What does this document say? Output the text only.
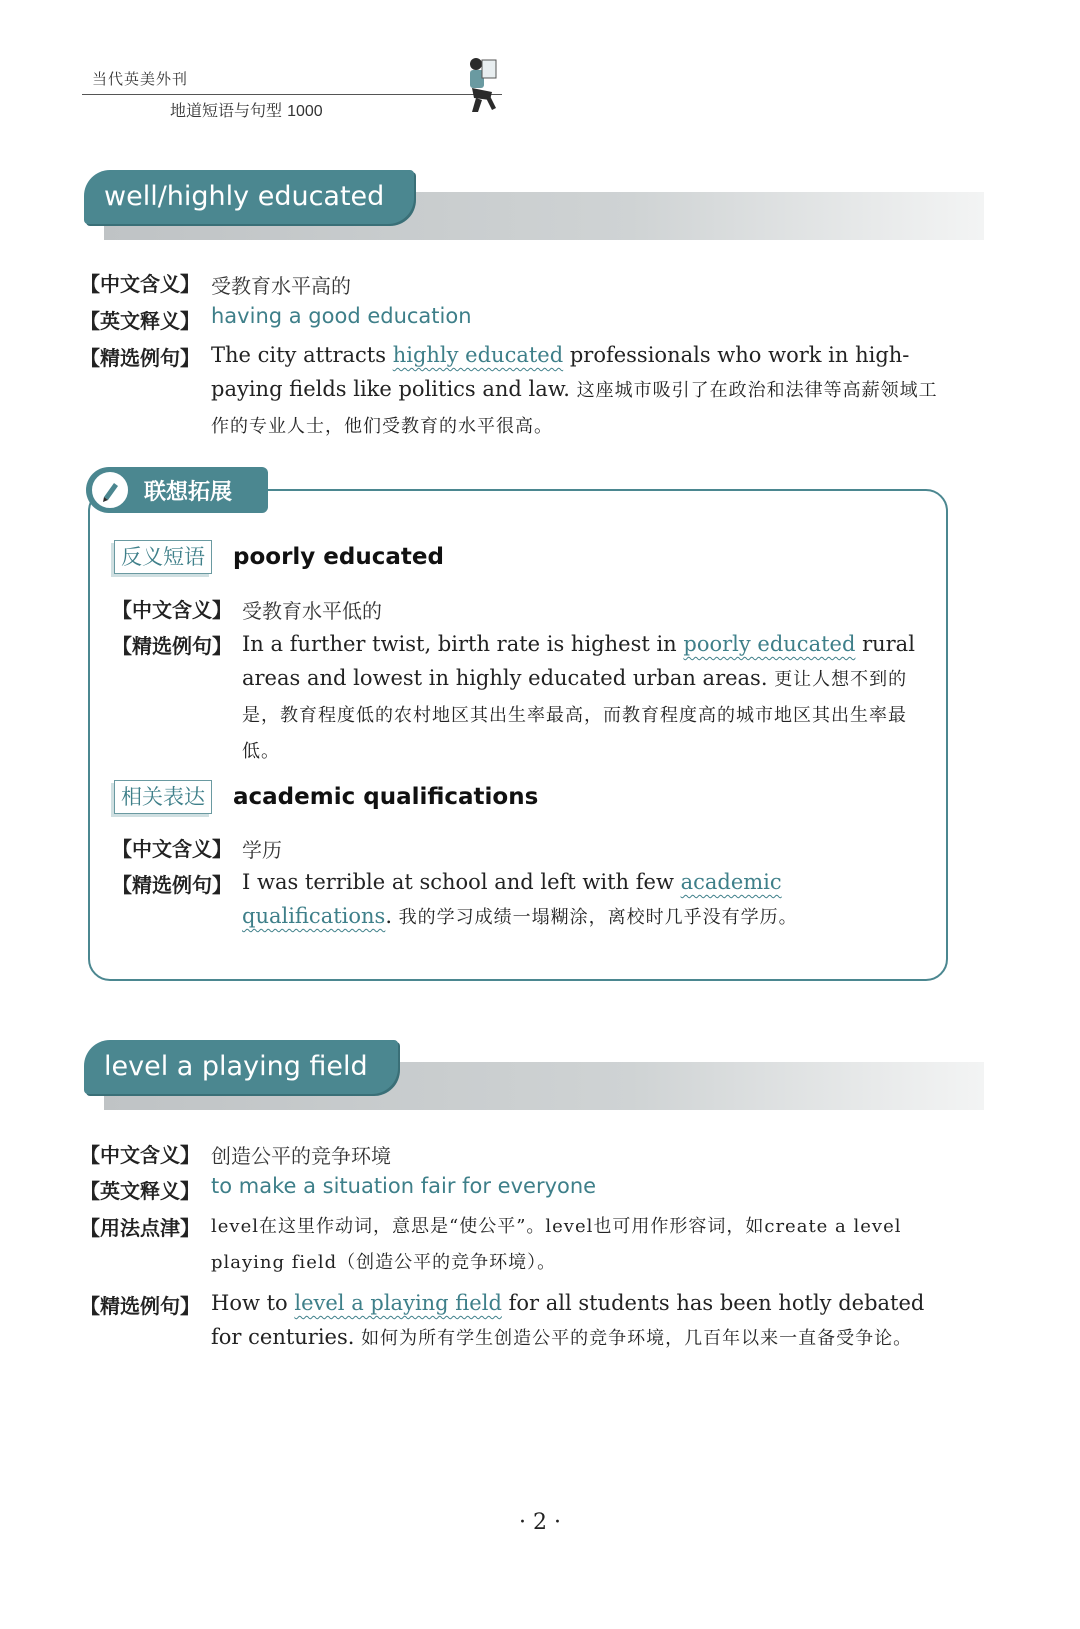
当代英美外刊
地道短语与句型 1000
well/highly educated
【中文含义】 受教育水平高的
【英文释义】 having a good education
【精选例句】 The city attracts highly educated professionals who work in high-paying fields like politics and law. 这座城市吸引了在政治和法律等高薪领域工作的专业人士，他们受教育的水平很高。
联想拓展
反义短语	poorly educated
【中文含义】 受教育水平低的
【精选例句】 In a further twist, birth rate is highest in poorly educated rural areas and lowest in highly educated urban areas. 更让人想不到的是，教育程度低的农村地区其出生率最高，而教育程度高的城市地区其出生率最低。
相关表达	academic qualifications
【中文含义】 学历
【精选例句】 I was terrible at school and left with few academic qualifications. 我的学习成绩一塌糊涂，离校时几乎没有学历。
level a playing field
【中文含义】 创造公平的竞争环境
【英文释义】 to make a situation fair for everyone
【用法点津】 level在这里作动词，意思是“使公平”。level也可用作形容词，如create a level playing field（创造公平的竞争环境）。
【精选例句】 How to level a playing field for all students has been hotly debated for centuries. 如何为所有学生创造公平的竞争环境，几百年以来一直备受争论。
· 2 ·
